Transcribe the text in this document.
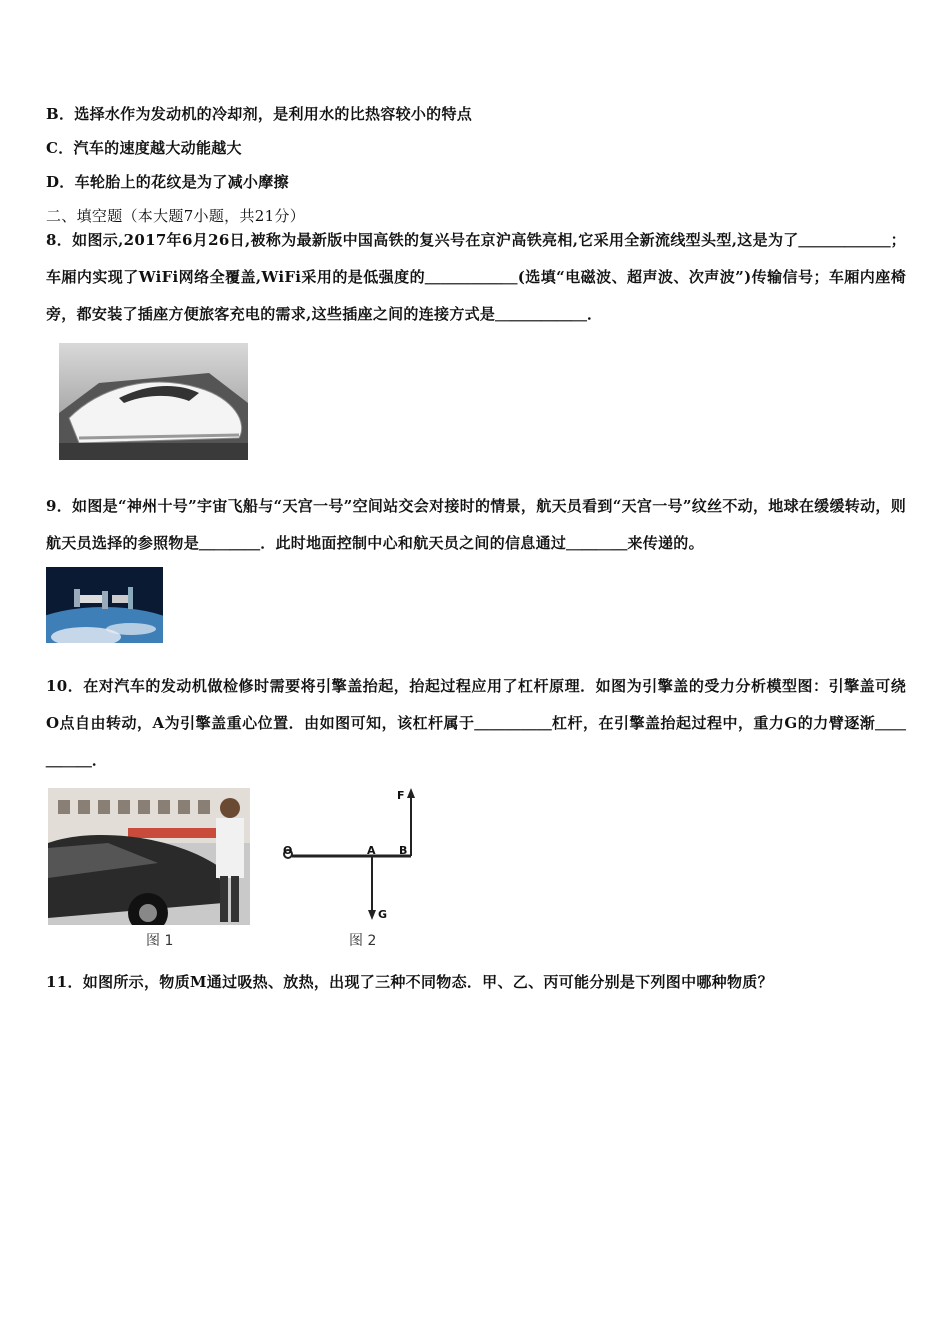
B．选择水作为发动机的冷却剂，是利用水的比热容较小的特点
C．汽车的速度越大动能越大
D．车轮胎上的花纹是为了减小摩擦
二、填空题（本大题7小题，共21分）
8．如图示,2017年6月26日,被称为最新版中国高铁的复兴号在京沪高铁亮相,它采用全新流线型头型,这是为了＿＿＿＿＿＿；车厢内实现了WiFi网络全覆盖,WiFi采用的是低强度的＿＿＿＿＿＿(选填“电磁波、超声波、次声波”)传输信号；车厢内座椅旁，都安装了插座方便旅客充电的需求,这些插座之间的连接方式是＿＿＿＿＿＿．
9．如图是“神州十号”宇宙飞船与“天宫一号”空间站交会对接时的情景，航天员看到“天宫一号”纹丝不动，地球在缓缓转动，则航天员选择的参照物是＿＿＿＿．此时地面控制中心和航天员之间的信息通过＿＿＿＿来传递的。
10．在对汽车的发动机做检修时需要将引擎盖抬起，抬起过程应用了杠杆原理．如图为引擎盖的受力分析模型图：引擎盖可绕O点自由转动，A为引擎盖重心位置．由如图可知，该杠杆属于＿＿＿＿＿杠杆，在引擎盖抬起过程中，重力G的力臂逐渐＿＿＿＿＿．
图 1
F
O	A B
G
图 2
11．如图所示，物质M通过吸热、放热，出现了三种不同物态．甲、乙、丙可能分别是下列图中哪种物质？
